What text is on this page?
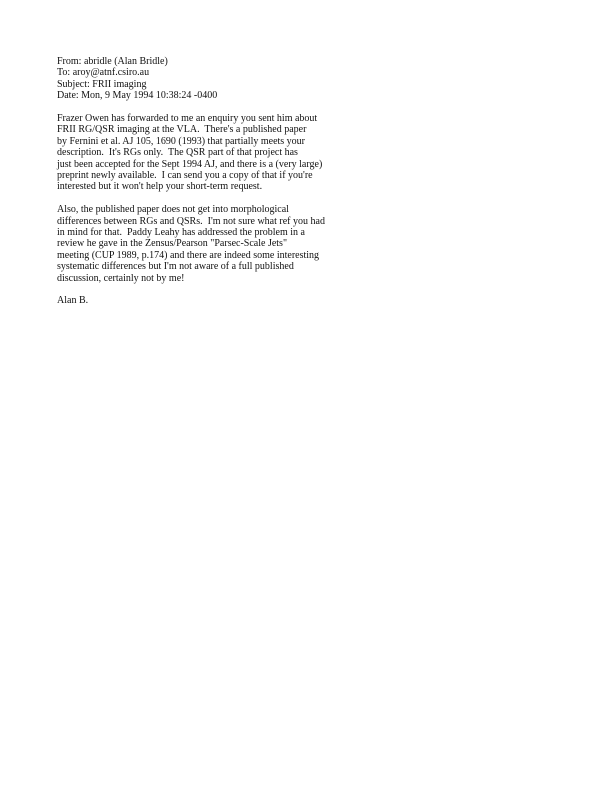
From: abridle (Alan Bridle)
To: aroy@atnf.csiro.au
Subject: FRII imaging
Date: Mon, 9 May 1994 10:38:24 -0400
Frazer Owen has forwarded to me an enquiry you sent him about
FRII RG/QSR imaging at the VLA.  There's a published paper
by Fernini et al. AJ 105, 1690 (1993) that partially meets your
description.  It's RGs only.  The QSR part of that project has
just been accepted for the Sept 1994 AJ, and there is a (very large)
preprint newly available.  I can send you a copy of that if you're
interested but it won't help your short-term request.
Also, the published paper does not get into morphological
differences between RGs and QSRs.  I'm not sure what ref you had
in mind for that.  Paddy Leahy has addressed the problem in a
review he gave in the Zensus/Pearson "Parsec-Scale Jets"
meeting (CUP 1989, p.174) and there are indeed some interesting
systematic differences but I'm not aware of a full published
discussion, certainly not by me!
Alan B.
